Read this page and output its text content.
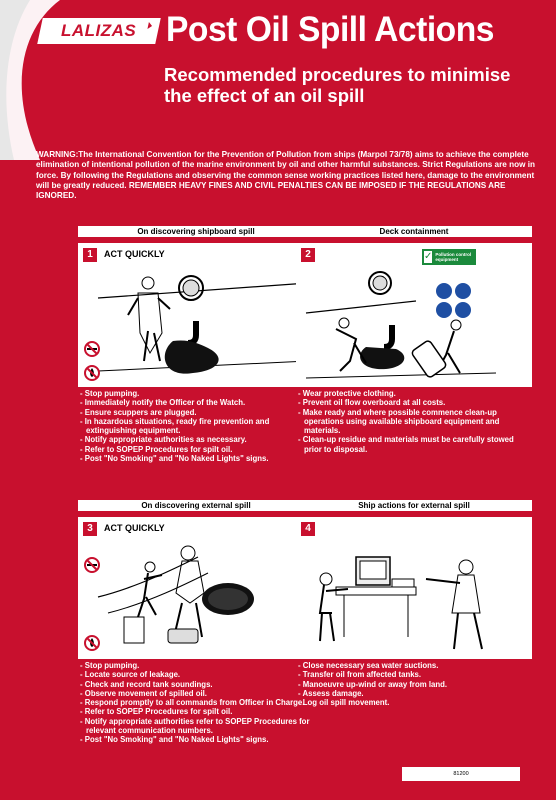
LALIZAS Post Oil Spill Actions
Recommended procedures to minimise
the effect of an oil spill

WARNING:The International Convention for the Prevention of Pollution from ships (Marpol 73/78) aims to achieve the complete elimination of intentional pollution of the marine environment by oil and other harmful substances. Strict Regulations are now in force. By following the Regulations and observing the common sense working practices listed here, damage to the environment will be greatly reduced. REMEMBER HEAVY FINES AND CIVIL PENALTIES CAN BE IMPOSED IF THE REGULATIONS ARE IGNORED.

On discovering shipboard spill
1	ACT QUICKLY
- Stop pumping.
- Immediately notify the Officer of the Watch.
- Ensure scuppers are plugged.
- In hazardous situations, ready fire prevention and extinguishing equipment.
- Notify appropriate authorities as necessary.
- Refer to SOPEP Procedures for spilt oil.
- Post "No Smoking" and "No Naked Lights" signs.
Deck containment
2	✓ Pollution control equipment
- Wear protective clothing.
- Prevent oil flow overboard at all costs.
- Make ready and where possible commence clean-up operations using available shipboard equipment and materials.
- Clean-up residue and materials must be carefully stowed prior to disposal.
On discovering external spill
3	ACT QUICKLY
- Stop pumping.
- Locate source of leakage.
- Check and record tank soundings.
- Observe movement of spilled oil.
- Respond promptly to all commands from Officer in Charge.
- Refer to SOPEP Procedures for spilt oil.
- Notify appropriate authorities refer to SOPEP Procedures for relevant communication numbers.
- Post "No Smoking" and "No Naked Lights" signs.
Ship actions for external spill
4
- Close necessary sea water suctions.
- Transfer oil from affected tanks.
- Manoeuvre up-wind or away from land.
- Assess damage.
- Log oil spill movement.
81200
